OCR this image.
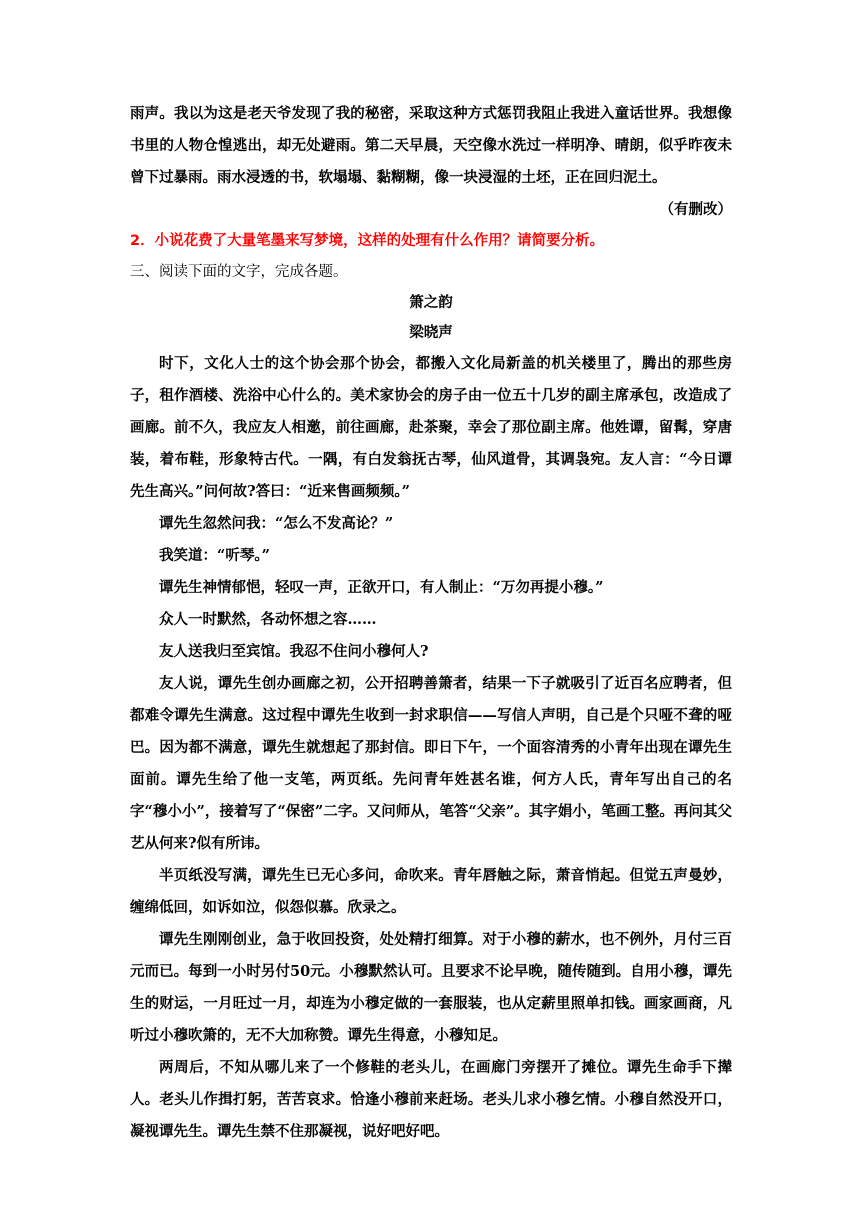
雨声。我以为这是老天爷发现了我的秘密，采取这种方式惩罚我阻止我进入童话世界。我想像书里的人物仓惶逃出，却无处避雨。第二天早晨，天空像水洗过一样明净、晴朗，似乎昨夜未曾下过暴雨。雨水浸透的书，软塌塌、黏糊糊，像一块浸湿的土坯，正在回归泥土。

（有删改）

2．小说花费了大量笔墨来写梦境，这样的处理有什么作用？请简要分析。

三、阅读下面的文字，完成各题。

箫之韵

梁晓声

时下，文化人士的这个协会那个协会，都搬入文化局新盖的机关楼里了，腾出的那些房子，租作酒楼、洗浴中心什么的。美术家协会的房子由一位五十几岁的副主席承包，改造成了画廊。前不久，我应友人相邀，前往画廊，赴茶聚，幸会了那位副主席。他姓谭，留髯，穿唐装，着布鞋，形象特古代。一隅，有白发翁抚古琴，仙风道骨，其调袅宛。友人言：“今日谭先生高兴。”问何故?答曰：“近来售画频频。”

谭先生忽然问我：“怎么不发高论？”

我笑道：“听琴。”

谭先生神情郁悒，轻叹一声，正欲开口，有人制止：“万勿再提小穆。”

众人一时默然，各动怀想之容……

友人送我归至宾馆。我忍不住问小穆何人?

友人说，谭先生创办画廊之初，公开招聘善箫者，结果一下子就吸引了近百名应聘者，但都难令谭先生满意。这过程中谭先生收到一封求职信——写信人声明，自己是个只哑不聋的哑巴。因为都不满意，谭先生就想起了那封信。即日下午，一个面容清秀的小青年出现在谭先生面前。谭先生给了他一支笔，两页纸。先问青年姓甚名谁，何方人氏，青年写出自己的名字“穆小小”，接着写了“保密”二字。又问师从，笔答“父亲”。其字娟小，笔画工整。再问其父艺从何来?似有所讳。

半页纸没写满，谭先生已无心多问，命吹来。青年唇触之际，萧音悄起。但觉五声曼妙，缠绵低回，如诉如泣，似怨似慕。欣录之。

谭先生刚刚创业，急于收回投资，处处精打细算。对于小穆的薪水，也不例外，月付三百元而已。每到一小时另付50元。小穆默然认可。且要求不论早晚，随传随到。自用小穆，谭先生的财运，一月旺过一月，却连为小穆定做的一套服装，也从定薪里照单扣钱。画家画商，凡听过小穆吹箫的，无不大加称赞。谭先生得意，小穆知足。

两周后，不知从哪儿来了一个修鞋的老头儿，在画廊门旁摆开了摊位。谭先生命手下撵人。老头儿作揖打躬，苦苦哀求。恰逢小穆前来赶场。老头儿求小穆乞情。小穆自然没开口，凝视谭先生。谭先生禁不住那凝视，说好吧好吧。
